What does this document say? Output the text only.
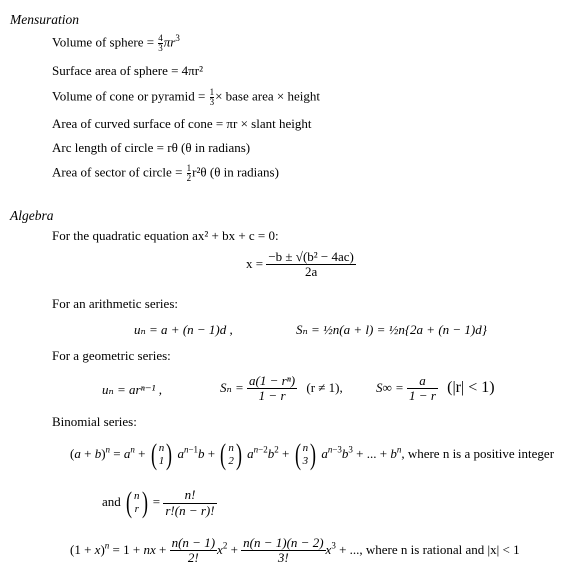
Mensuration
Volume of sphere = $\frac{4}{3} \pi r^3$
Surface area of sphere = 4πr²
Volume of cone or pyramid = $\frac{1}{3}$ × base area × height
Area of curved surface of cone = πr × slant height
Arc length of circle = rθ (θ in radians)
Area of sector of circle = $\frac{1}{2} r^2\theta$ (θ in radians)
Algebra
For the quadratic equation ax² + bx + c = 0:
$x = \frac{\text{−b ± √(b² − 4ac)}}{2a}$
For an arithmetic series:
uₙ = a + (n − 1)d ,	Sₙ = ½n(a + l) = ½n{2a + (n − 1)d}
For a geometric series:
uₙ = arⁿ⁻¹ ,	$S_n = \frac{\text{a(1 − rⁿ)}}{1 - r} (r \ne 1)$,	$S\infty = \frac{a}{1 - r} (|r| < 1)$
Binomial series:
$(a + b)^n = a^n$ + ( n
1 ) $a^{n-1}b$ + ( n
2 ) $a^{n-2}b^2$ + ( n
3 ) $a^{n-3}b^3$ + ... + $b^n$, where n is a positive integer
and ( n
r ) = $\frac{n!}{r!(n - r)!}$
$(1 + x)^n = 1$ + nx + $\frac{n(n - 1)}{2!} x^2 + \frac{n(n - 1)(n - 2)}{3!} x^3$ + ..., where n is rational and |x| < 1
